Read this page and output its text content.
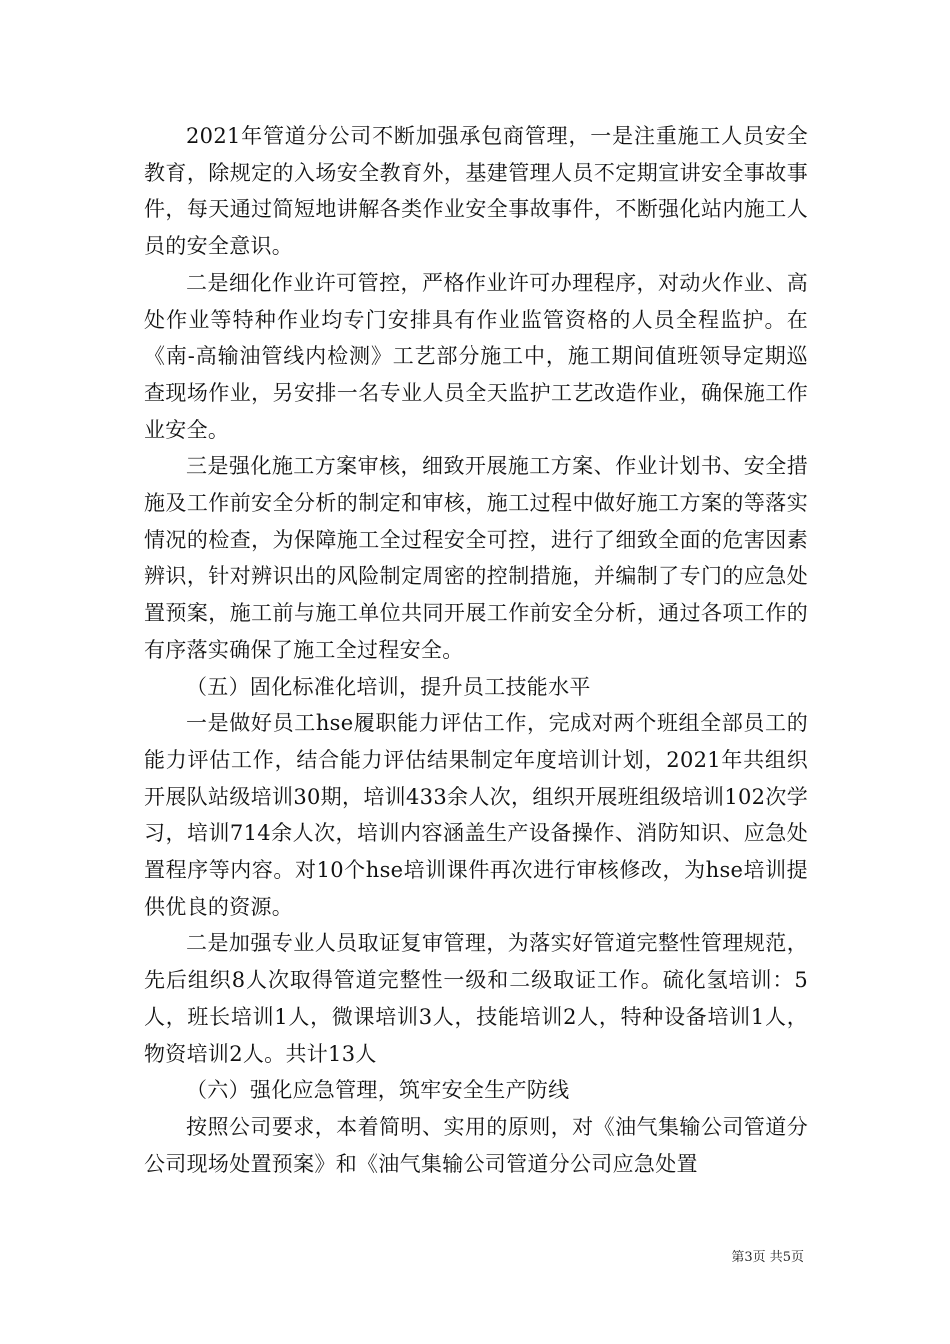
2021年管道分公司不断加强承包商管理，一是注重施工人员安全教育，除规定的入场安全教育外，基建管理人员不定期宣讲安全事故事件，每天通过简短地讲解各类作业安全事故事件，不断强化站内施工人员的安全意识。

二是细化作业许可管控，严格作业许可办理程序，对动火作业、高处作业等特种作业均专门安排具有作业监管资格的人员全程监护。在《南-高输油管线内检测》工艺部分施工中，施工期间值班领导定期巡查现场作业，另安排一名专业人员全天监护工艺改造作业，确保施工作业安全。

三是强化施工方案审核，细致开展施工方案、作业计划书、安全措施及工作前安全分析的制定和审核，施工过程中做好施工方案的等落实情况的检查，为保障施工全过程安全可控，进行了细致全面的危害因素辨识，针对辨识出的风险制定周密的控制措施，并编制了专门的应急处置预案，施工前与施工单位共同开展工作前安全分析，通过各项工作的有序落实确保了施工全过程安全。

（五）固化标准化培训，提升员工技能水平

一是做好员工hse履职能力评估工作，完成对两个班组全部员工的能力评估工作，结合能力评估结果制定年度培训计划，2021年共组织开展队站级培训30期，培训433余人次，组织开展班组级培训102次学习，培训714余人次，培训内容涵盖生产设备操作、消防知识、应急处置程序等内容。对10个hse培训课件再次进行审核修改，为hse培训提供优良的资源。

二是加强专业人员取证复审管理，为落实好管道完整性管理规范，先后组织8人次取得管道完整性一级和二级取证工作。硫化氢培训：5人，班长培训1人，微课培训3人，技能培训2人，特种设备培训1人，物资培训2人。共计13人

（六）强化应急管理，筑牢安全生产防线

按照公司要求，本着简明、实用的原则，对《油气集输公司管道分公司现场处置预案》和《油气集输公司管道分公司应急处置

第3页 共5页
